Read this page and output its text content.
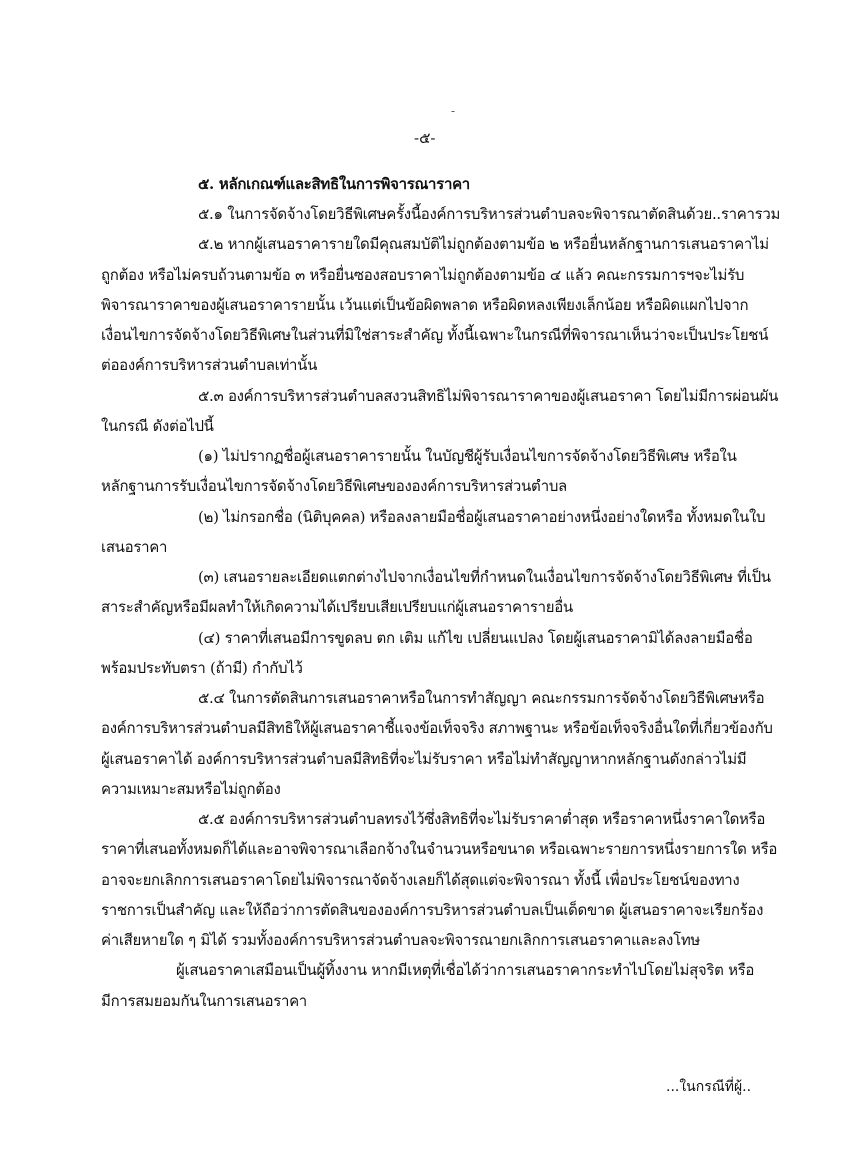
-
-๕-

๕. หลักเกณฑ์และสิทธิในการพิจารณาราคา

๕.๑ ในการจัดจ้างโดยวิธีพิเศษครั้งนี้องค์การบริหารส่วนตำบลจะพิจารณาตัดสินด้วย..ราคารวม

๕.๒ หากผู้เสนอราคารายใดมีคุณสมบัติไม่ถูกต้องตามข้อ ๒ หรือยื่นหลักฐานการเสนอราคาไม่

ถูกต้อง หรือไม่ครบถ้วนตามข้อ ๓ หรือยื่นซองสอบราคาไม่ถูกต้องตามข้อ ๔ แล้ว คณะกรรมการฯจะไม่รับ

พิจารณาราคาของผู้เสนอราคารายนั้น เว้นแต่เป็นข้อผิดพลาด หรือผิดหลงเพียงเล็กน้อย หรือผิดแผกไปจาก

เงื่อนไขการจัดจ้างโดยวิธีพิเศษในส่วนที่มิใช่สาระสำคัญ ทั้งนี้เฉพาะในกรณีที่พิจารณาเห็นว่าจะเป็นประโยชน์

ต่อองค์การบริหารส่วนตำบลเท่านั้น

๕.๓ องค์การบริหารส่วนตำบลสงวนสิทธิไม่พิจารณาราคาของผู้เสนอราคา โดยไม่มีการผ่อนผัน

ในกรณี ดังต่อไปนี้

(๑) ไม่ปรากฏชื่อผู้เสนอราคารายนั้น ในบัญชีผู้รับเงื่อนไขการจัดจ้างโดยวิธีพิเศษ หรือใน

หลักฐานการรับเงื่อนไขการจัดจ้างโดยวิธีพิเศษขององค์การบริหารส่วนตำบล

(๒) ไม่กรอกชื่อ (นิติบุคคล) หรือลงลายมือชื่อผู้เสนอราคาอย่างหนึ่งอย่างใดหรือ ทั้งหมดในใบ

เสนอราคา

(๓) เสนอรายละเอียดแตกต่างไปจากเงื่อนไขที่กำหนดในเงื่อนไขการจัดจ้างโดยวิธีพิเศษ ที่เป็น

สาระสำคัญหรือมีผลทำให้เกิดความได้เปรียบเสียเปรียบแก่ผู้เสนอราคารายอื่น

(๔) ราคาที่เสนอมีการขูดลบ ตก เติม แก้ไข เปลี่ยนแปลง โดยผู้เสนอราคามิได้ลงลายมือชื่อ

พร้อมประทับตรา (ถ้ามี) กำกับไว้

๕.๔ ในการตัดสินการเสนอราคาหรือในการทำสัญญา คณะกรรมการจัดจ้างโดยวิธีพิเศษหรือ

องค์การบริหารส่วนตำบลมีสิทธิให้ผู้เสนอราคาชี้แจงข้อเท็จจริง สภาพฐานะ หรือข้อเท็จจริงอื่นใดที่เกี่ยวข้องกับ

ผู้เสนอราคาได้ องค์การบริหารส่วนตำบลมีสิทธิที่จะไม่รับราคา หรือไม่ทำสัญญาหากหลักฐานดังกล่าวไม่มี

ความเหมาะสมหรือไม่ถูกต้อง

๕.๕ องค์การบริหารส่วนตำบลทรงไว้ซึ่งสิทธิที่จะไม่รับราคาต่ำสุด หรือราคาหนึ่งราคาใดหรือ

ราคาที่เสนอทั้งหมดก็ได้และอาจพิจารณาเลือกจ้างในจำนวนหรือขนาด หรือเฉพาะรายการหนึ่งรายการใด หรือ

อาจจะยกเลิกการเสนอราคาโดยไม่พิจารณาจัดจ้างเลยก็ได้สุดแต่จะพิจารณา ทั้งนี้ เพื่อประโยชน์ของทาง

ราชการเป็นสำคัญ และให้ถือว่าการตัดสินขององค์การบริหารส่วนตำบลเป็นเด็ดขาด ผู้เสนอราคาจะเรียกร้อง

ค่าเสียหายใด ๆ มิได้ รวมทั้งองค์การบริหารส่วนตำบลจะพิจารณายกเลิกการเสนอราคาและลงโทษ

ผู้เสนอราคาเสมือนเป็นผู้ทิ้งงาน หากมีเหตุที่เชื่อได้ว่าการเสนอราคากระทำไปโดยไม่สุจริต หรือ

มีการสมยอมกันในการเสนอราคา

...ในกรณีที่ผู้..
